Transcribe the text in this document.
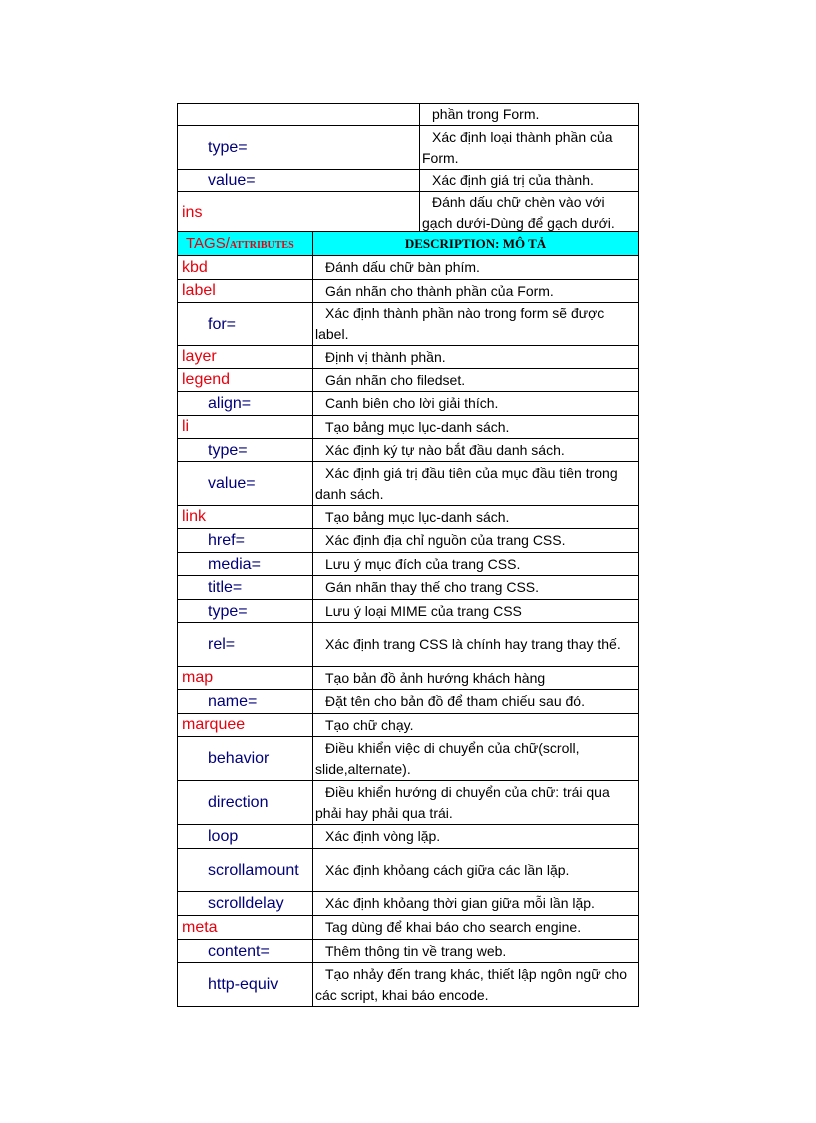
	phần trong Form.
type=	Xác định loại thành phần của Form.
value=	Xác định giá trị của thành.
ins	Đánh dấu chữ chèn vào với gạch dưới-Dùng để gạch dưới.
TAGS/ATTRIBUTES	DESCRIPTION: MÔ TẢ
kbd	Đánh dấu chữ bàn phím.
label	Gán nhãn cho thành phần của Form.
for=	Xác định thành phần nào trong form sẽ được label.
layer	Định vị thành phần.
legend	Gán nhãn cho filedset.
align=	Canh biên cho lời giải thích.
li	Tạo bảng mục lục-danh sách.
type=	Xác định ký tự nào bắt đầu danh sách.
value=	Xác định giá trị đầu tiên của mục đầu tiên trong danh sách.
link	Tạo bảng mục lục-danh sách.
href=	Xác định địa chỉ nguồn của trang CSS.
media=	Lưu ý mục đích của trang CSS.
title=	Gán nhãn thay thế cho trang CSS.
type=	Lưu ý loại MIME của trang CSS
rel=	Xác định trang CSS là chính hay trang thay thế.
map	Tạo bản đồ ảnh hướng khách hàng
name=	Đặt tên cho bản đồ để tham chiếu sau đó.
marquee	Tạo chữ chạy.
behavior	Điều khiển việc di chuyển của chữ(scroll, slide,alternate).
direction	Điều khiển hướng di chuyển của chữ: trái qua phải hay phải qua trái.
loop	Xác định vòng lặp.
scrollamount	Xác định khỏang cách giữa các lần lặp.
scrolldelay	Xác định khỏang thời gian giữa mỗi lần lặp.
meta	Tag dùng để khai báo cho search engine.
content=	Thêm thông tin về trang web.
http-equiv	Tạo nhảy đến trang khác, thiết lập ngôn ngữ cho các script, khai báo encode.
